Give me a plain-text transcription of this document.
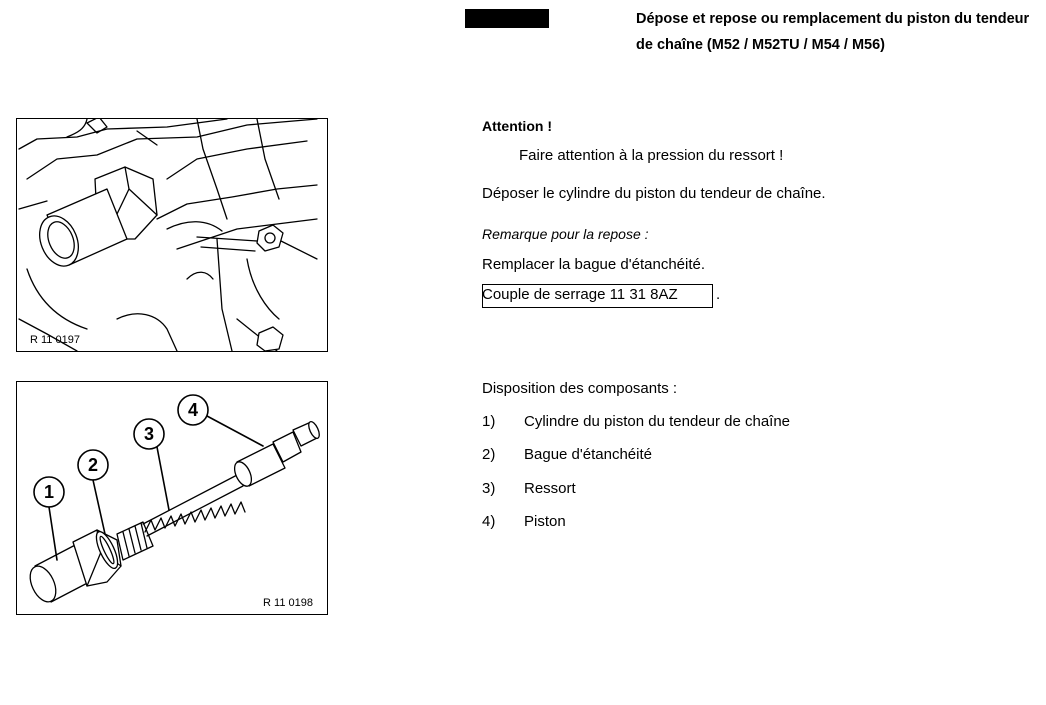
Dépose et repose ou remplacement du piston du tendeur de chaîne (M52 / M52TU / M54 / M56)
R 11 0197
1
2
3
4
R 11 0198
Attention !
Faire attention à la pression du ressort !
Déposer le cylindre du piston du tendeur de chaîne.
Remarque pour la repose :
Remplacer la bague d'étanchéité.
Couple de serrage 11 31 8AZ	.
Disposition des composants :
1) Cylindre du piston du tendeur de chaîne
2) Bague d'étanchéité
3) Ressort
4) Piston
